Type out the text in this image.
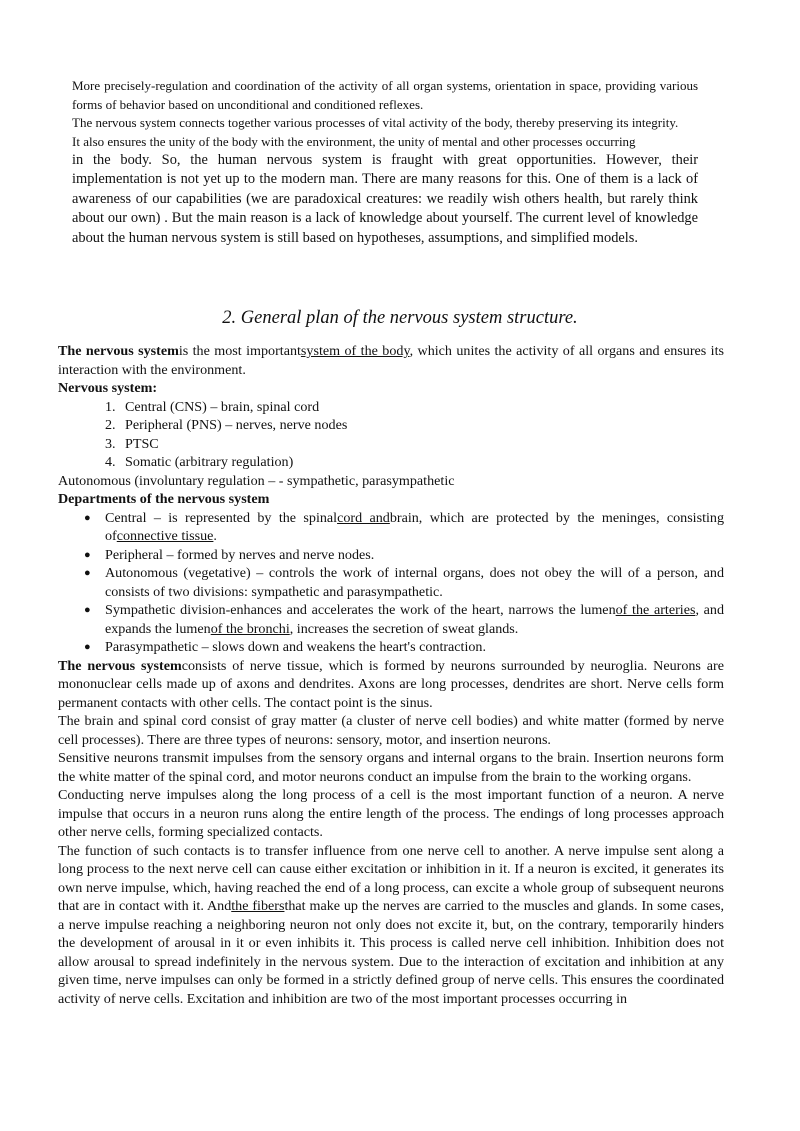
More precisely-regulation and coordination of the activity of all organ systems, orientation in space, providing various forms of behavior based on unconditional and conditioned reflexes.

The nervous system connects together various processes of vital activity of the body, thereby preserving its integrity.

It also ensures the unity of the body with the environment, the unity of mental and other processes occurring

in the body. So, the human nervous system is fraught with great opportunities. However, their implementation is not yet up to the modern man. There are many reasons for this. One of them is a lack of awareness of our capabilities (we are paradoxical creatures: we readily wish others health, but rarely think about our own) . But the main reason is a lack of knowledge about yourself. The current level of knowledge about the human nervous system is still based on hypotheses, assumptions, and simplified models.

2. General plan of the nervous system structure.

The nervous systemis the most importantsystem of the body, which unites the activity of all organs and ensures its interaction with the environment.

Nervous system:

1. Central (CNS) – brain, spinal cord
2. Peripheral (PNS) – nerves, nerve nodes
3. PTSC
4. Somatic (arbitrary regulation)

Autonomous (involuntary regulation – - sympathetic, parasympathetic

Departments of the nervous system

●	Central – is represented by the spinalcord andbrain, which are protected by the meninges, consisting ofconnective tissue.
●	Peripheral – formed by nerves and nerve nodes.
●	Autonomous (vegetative) – controls the work of internal organs, does not obey the will of a person, and consists of two divisions: sympathetic and parasympathetic.
●	Sympathetic division-enhances and accelerates the work of the heart, narrows the lumenof the arteries, and expands the lumenof the bronchi, increases the secretion of sweat glands.
●	Parasympathetic – slows down and weakens the heart's contraction.

The nervous systemconsists of nerve tissue, which is formed by neurons surrounded by neuroglia. Neurons are mononuclear cells made up of axons and dendrites. Axons are long processes, dendrites are short. Nerve cells form permanent contacts with other cells. The contact point is the sinus.

The brain and spinal cord consist of gray matter (a cluster of nerve cell bodies) and white matter (formed by nerve cell processes). There are three types of neurons: sensory, motor, and insertion neurons.

Sensitive neurons transmit impulses from the sensory organs and internal organs to the brain. Insertion neurons form the white matter of the spinal cord, and motor neurons conduct an impulse from the brain to the working organs.

Conducting nerve impulses along the long process of a cell is the most important function of a neuron. A nerve impulse that occurs in a neuron runs along the entire length of the process. The endings of long processes approach other nerve cells, forming specialized contacts.

The function of such contacts is to transfer influence from one nerve cell to another. A nerve impulse sent along a long process to the next nerve cell can cause either excitation or inhibition in it. If a neuron is excited, it generates its own nerve impulse, which, having reached the end of a long process, can excite a whole group of subsequent neurons that are in contact with it. Andthe fibersthat make up the nerves are carried to the muscles and glands. In some cases, a nerve impulse reaching a neighboring neuron not only does not excite it, but, on the contrary, temporarily hinders the development of arousal in it or even inhibits it. This process is called nerve cell inhibition. Inhibition does not allow arousal to spread indefinitely in the nervous system. Due to the interaction of excitation and inhibition at any given time, nerve impulses can only be formed in a strictly defined group of nerve cells. This ensures the coordinated activity of nerve cells. Excitation and inhibition are two of the most important processes occurring in
